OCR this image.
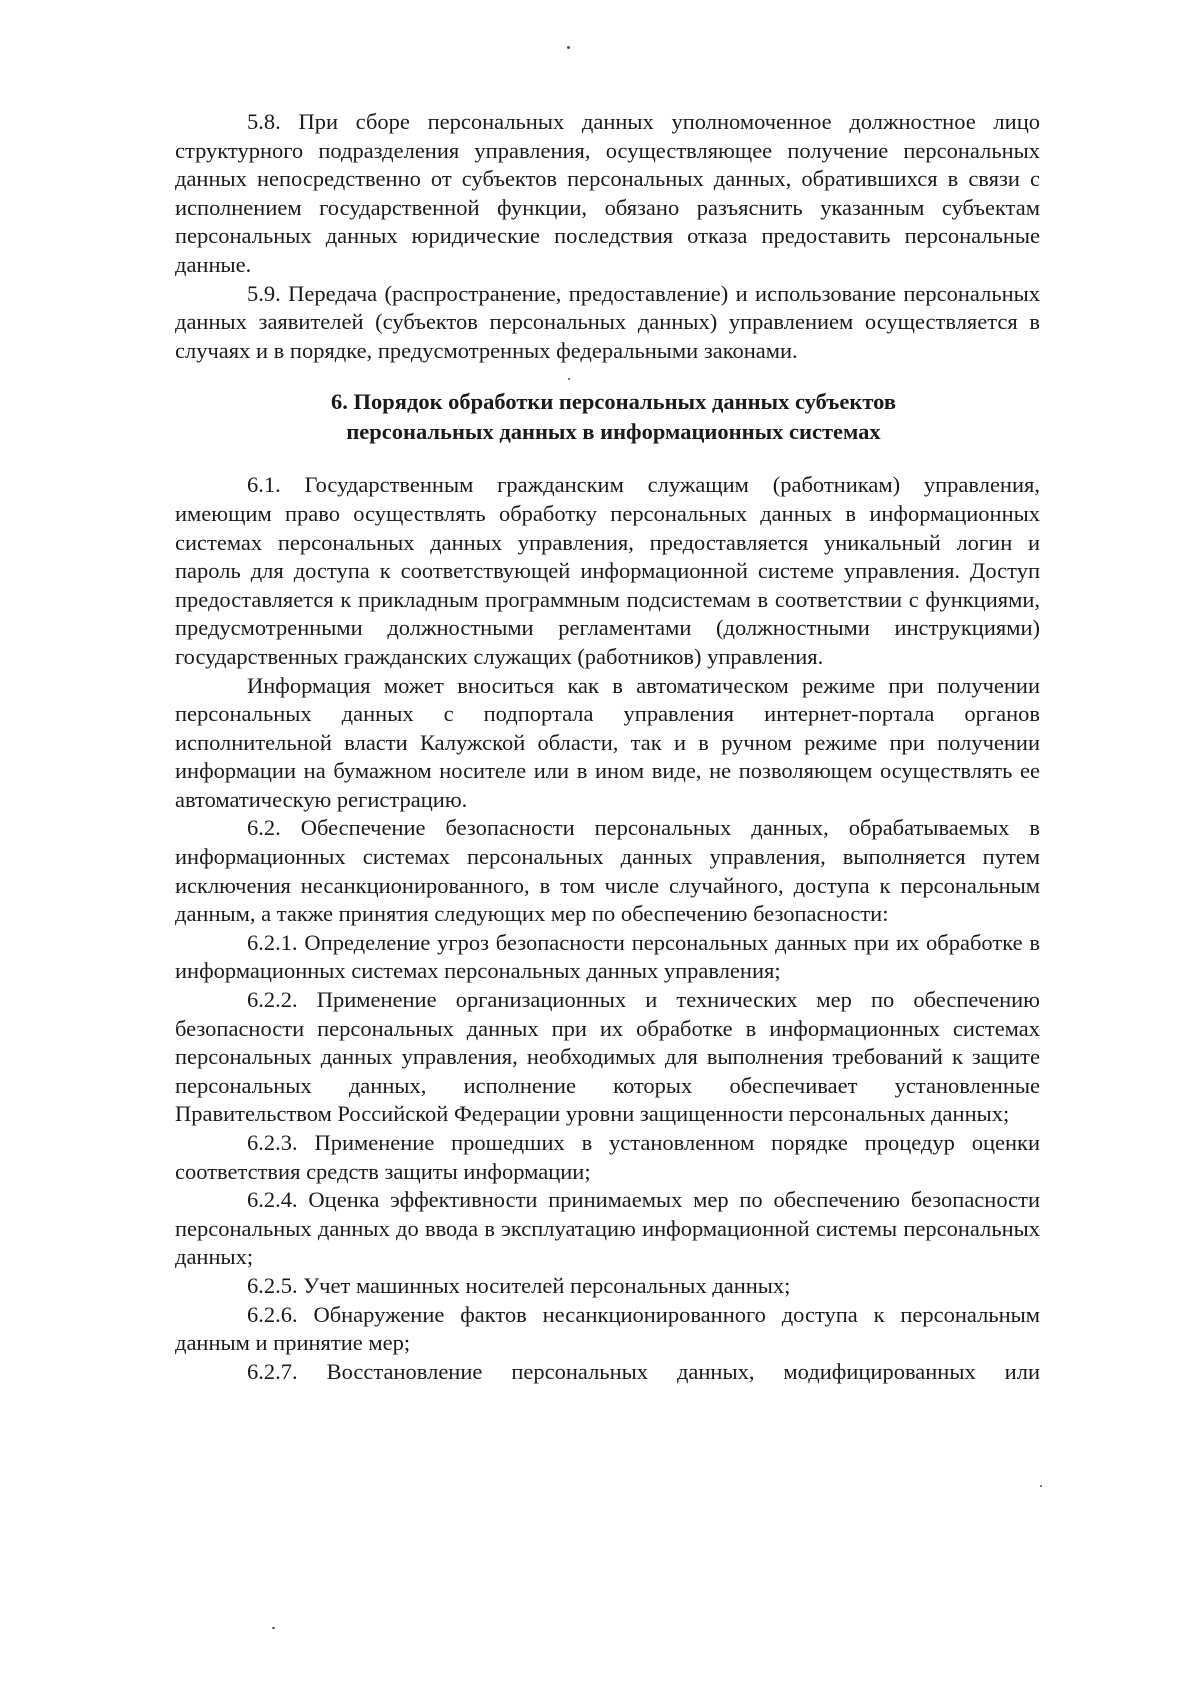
5.8. При сборе персональных данных уполномоченное должностное лицо структурного подразделения управления, осуществляющее получение персональных данных непосредственно от субъектов персональных данных, обратившихся в связи с исполнением государственной функции, обязано разъяснить указанным субъектам персональных данных юридические последствия отказа предоставить персональные данные.

5.9. Передача (распространение, предоставление) и использование персональных данных заявителей (субъектов персональных данных) управлением осуществляется в случаях и в порядке, предусмотренных федеральными законами.

6. Порядок обработки персональных данных субъектов
персональных данных в информационных системах

6.1. Государственным гражданским служащим (работникам) управления, имеющим право осуществлять обработку персональных данных в информационных системах персональных данных управления, предоставляется уникальный логин и пароль для доступа к соответствующей информационной системе управления. Доступ предоставляется к прикладным программным подсистемам в соответствии с функциями, предусмотренными должностными регламентами (должностными инструкциями) государственных гражданских служащих (работников) управления.

Информация может вноситься как в автоматическом режиме при получении персональных данных с подпортала управления интернет-портала органов исполнительной власти Калужской области, так и в ручном режиме при получении информации на бумажном носителе или в ином виде, не позволяющем осуществлять ее автоматическую регистрацию.

6.2. Обеспечение безопасности персональных данных, обрабатываемых в информационных системах персональных данных управления, выполняется путем исключения несанкционированного, в том числе случайного, доступа к персональным данным, а также принятия следующих мер по обеспечению безопасности:

6.2.1. Определение угроз безопасности персональных данных при их обработке в информационных системах персональных данных управления;

6.2.2. Применение организационных и технических мер по обеспечению безопасности персональных данных при их обработке в информационных системах персональных данных управления, необходимых для выполнения требований к защите персональных данных, исполнение которых обеспечивает установленные Правительством Российской Федерации уровни защищенности персональных данных;

6.2.3. Применение прошедших в установленном порядке процедур оценки соответствия средств защиты информации;

6.2.4. Оценка эффективности принимаемых мер по обеспечению безопасности персональных данных до ввода в эксплуатацию информационной системы персональных данных;

6.2.5. Учет машинных носителей персональных данных;

6.2.6. Обнаружение фактов несанкционированного доступа к персональным данным и принятие мер;

6.2.7. Восстановление персональных данных, модифицированных или
